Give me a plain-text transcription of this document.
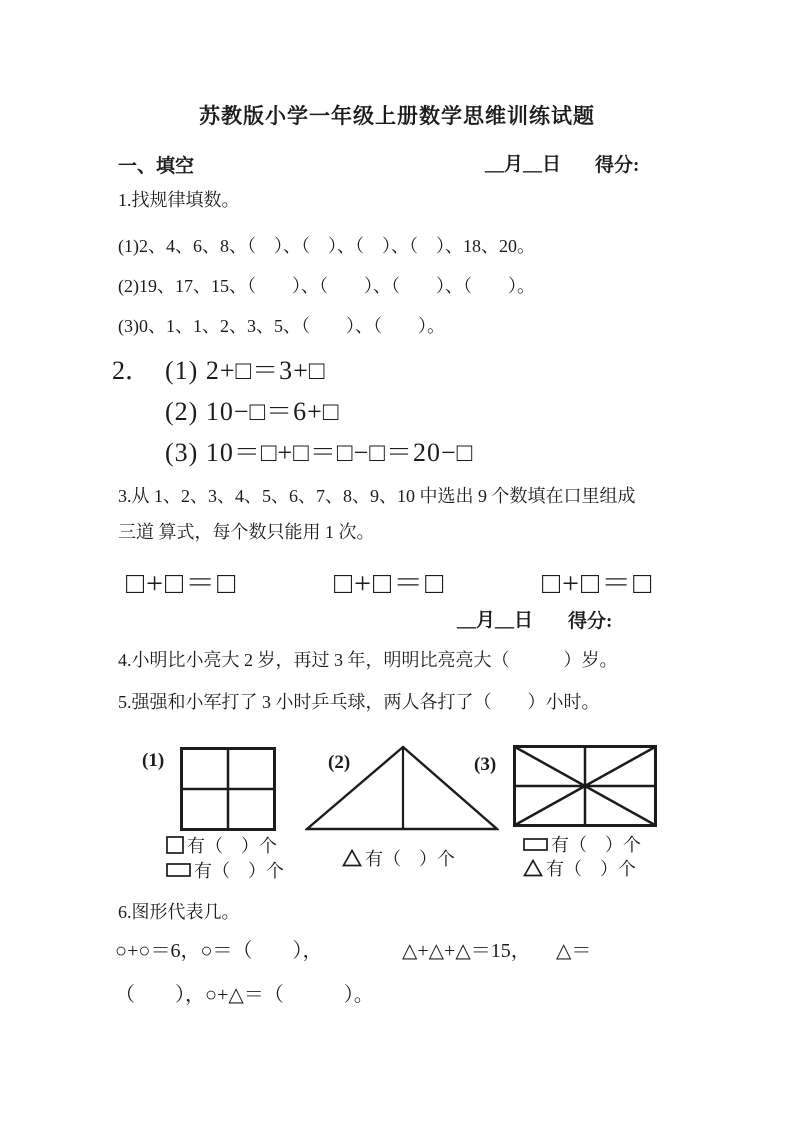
苏教版小学一年级上册数学思维训练试题
一、填空	__月__日 得分:
1.找规律填数。
(1)2、4、6、8、（　）、（　）、（　）、（　）、18、20。
(2)19、17、15、（　　）、（　　）、（　　）、（　　）。
(3)0、1、1、2、3、5、（　　）、（　　）。
2． (1) 2+□＝3+□
(2) 10−□＝6+□
(3) 10＝□+□＝□−□＝20−□
3.从 1、2、3、4、5、6、7、8、9、10 中选出 9 个数填在口里组成
三道 算式，每个数只能用 1 次。
□+□＝□	□+□＝□	□+□＝□
__月__日 得分:
4.小明比小亮大 2 岁，再过 3 年，明明比亮亮大（　　　）岁。
5.强强和小军打了 3 小时乒乓球，两人各打了（　　）小时。
(1)
有（　）个
有（　）个
(2)
有（　）个
(3)
有（　）个
有（　）个
6.图形代表几。
○+○＝6，○＝（　　），	△+△+△＝15， △＝
（　　），○+△＝（　　　）。
